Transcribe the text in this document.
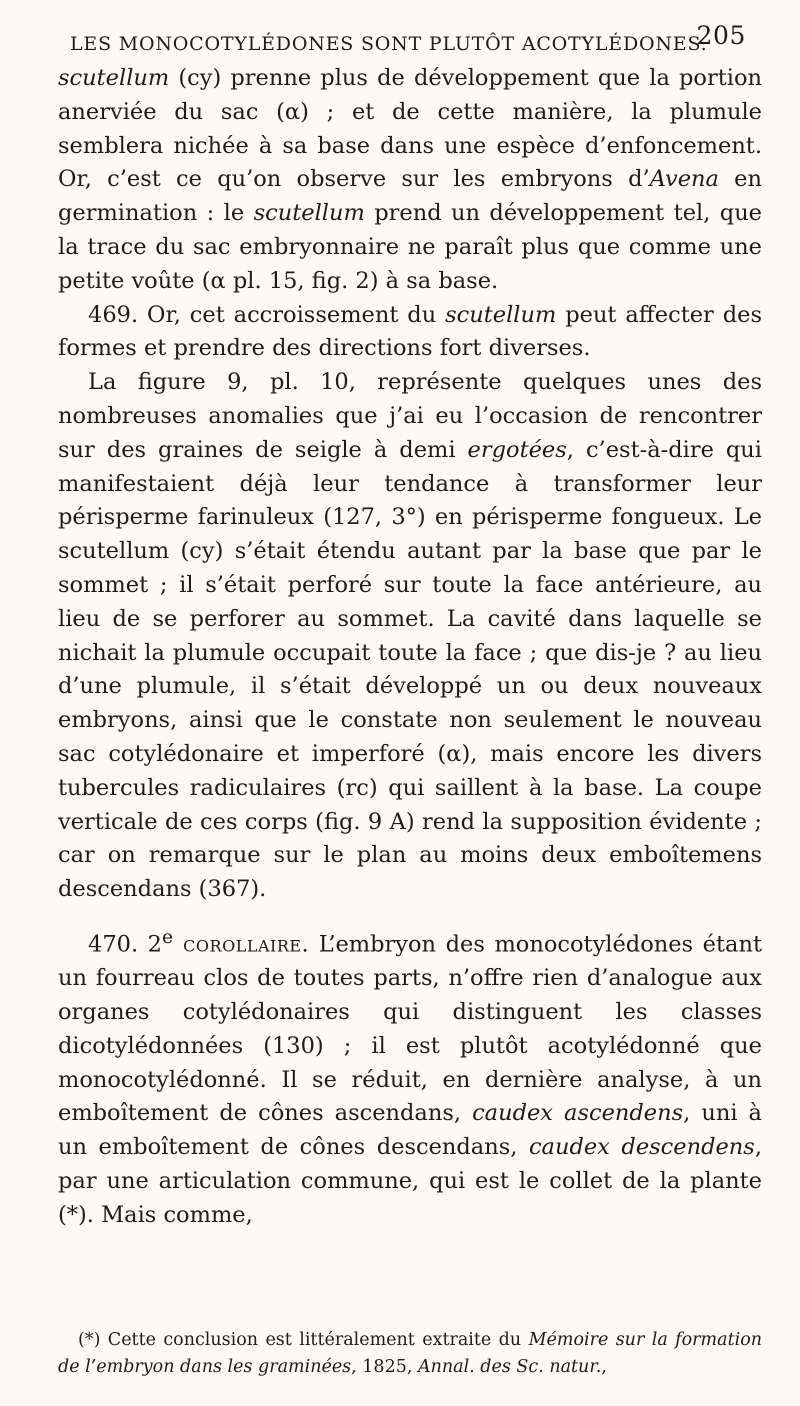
LES MONOCOTYLÉDONES SONT PLUTÔT ACOTYLÉDONES.
205

scutellum (cy) prenne plus de développement que la portion anerviée du sac (α) ; et de cette manière, la plumule semblera nichée à sa base dans une espèce d’enfoncement. Or, c’est ce qu’on observe sur les embryons d’Avena en germination : le scutellum prend un développement tel, que la trace du sac embryonnaire ne paraît plus que comme une petite voûte (α pl. 15, fig. 2) à sa base.

469. Or, cet accroissement du scutellum peut affecter des formes et prendre des directions fort diverses.

La figure 9, pl. 10, représente quelques unes des nombreuses anomalies que j’ai eu l’occasion de rencontrer sur des graines de seigle à demi ergotées, c’est-à-dire qui manifestaient déjà leur tendance à transformer leur périsperme farinuleux (127, 3°) en périsperme fongueux. Le scutellum (cy) s’était étendu autant par la base que par le sommet ; il s’était perforé sur toute la face antérieure, au lieu de se perforer au sommet. La cavité dans laquelle se nichait la plumule occupait toute la face ; que dis-je ? au lieu d’une plumule, il s’était développé un ou deux nouveaux embryons, ainsi que le constate non seulement le nouveau sac cotylédonaire et imperforé (α), mais encore les divers tubercules radiculaires (rc) qui saillent à la base. La coupe verticale de ces corps (fig. 9 A) rend la supposition évidente ; car on remarque sur le plan au moins deux emboîtemens descendans (367).

470. 2e corollaire. L’embryon des monocotylédones étant un fourreau clos de toutes parts, n’offre rien d’analogue aux organes cotylédonaires qui distinguent les classes dicotylédonnées (130) ; il est plutôt acotylédonné que monocotylédonné. Il se réduit, en dernière analyse, à un emboîtement de cônes ascendans, caudex ascendens, uni à un emboîtement de cônes descendans, caudex descendens, par une articulation commune, qui est le collet de la plante (*). Mais comme,

(*) Cette conclusion est littéralement extraite du Mémoire sur la formation de l’embryon dans les graminées, 1825, Annal. des Sc. natur.,
